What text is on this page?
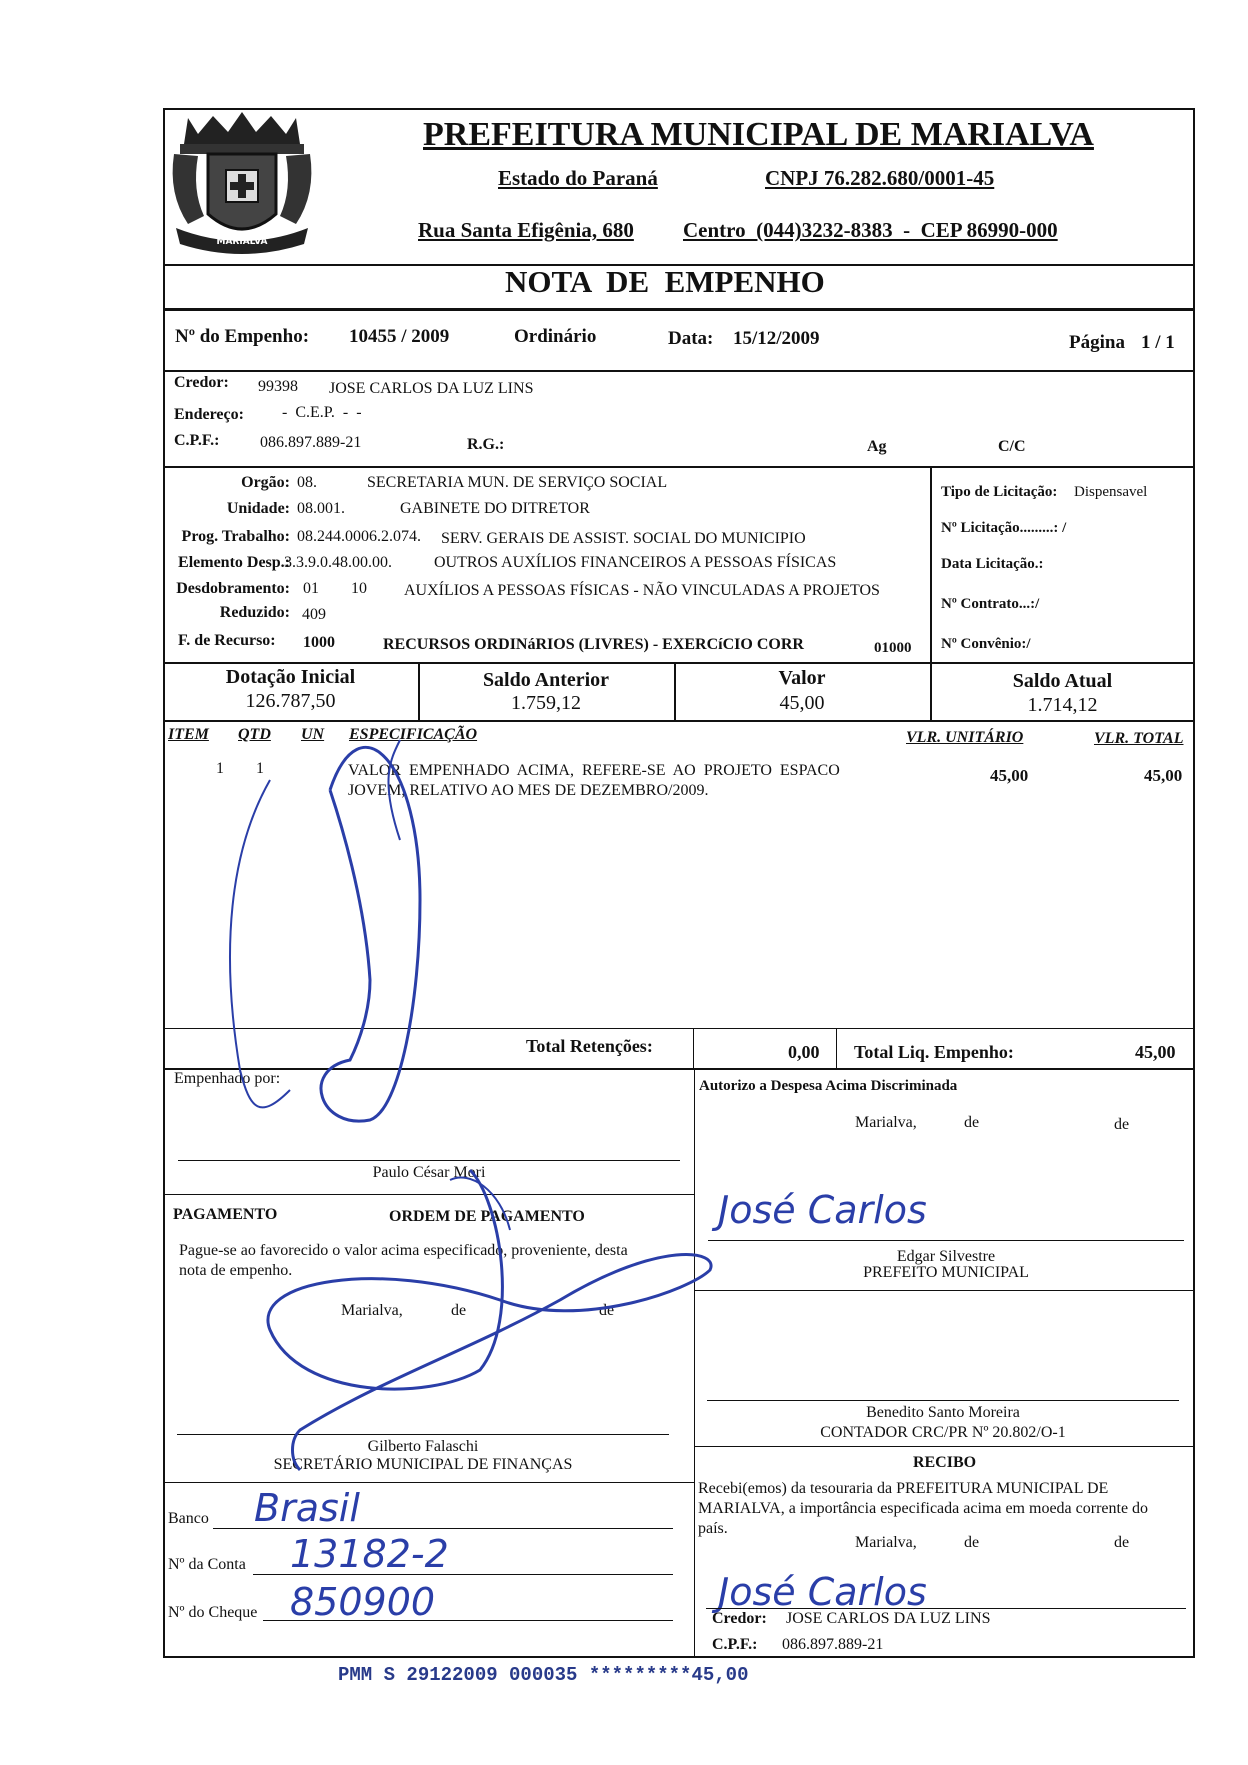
MARIALVA
PREFEITURA MUNICIPAL DE MARIALVA
Estado do Paraná	CNPJ 76.282.680/0001-45
Rua Santa Efigênia, 680 Centro  (044)3232-8383  -  CEP 86990-000
NOTA  DE  EMPENHO
Nº do Empenho: 10455 / 2009	Ordinário	Data: 15/12/2009	Página 1 / 1
Credor: 99398 JOSE CARLOS DA LUZ LINS
Endereço: -  C.E.P.  -  -
C.P.F.:	086.897.889-21	R.G.:	Ag	C/C
Orgão: 08.	SECRETARIA MUN. DE SERVIÇO SOCIAL
Unidade: 08.001.	GABINETE DO DITRETOR
Prog. Trabalho: 08.244.0006.2.074. SERV. GERAIS DE ASSIST. SOCIAL DO MUNICIPIO
Elemento Desp.:
3.3.9.0.48.00.00.	OUTROS AUXÍLIOS FINANCEIROS A PESSOAS FÍSICAS
Desdobramento: 01 10 AUXÍLIOS A PESSOAS FÍSICAS - NÃO VINCULADAS A PROJETOS
Reduzido: 409
F. de Recurso: 1000	RECURSOS ORDINáRIOS (LIVRES) - EXERCíCIO CORR	01000
Tipo de Licitação: Dispensavel
Nº Licitação.........: /
Data Licitação.:
Nº Contrato...:/
Nº Convênio:/
Dotação Inicial
126.787,50
Saldo Anterior
1.759,12
Valor
45,00
Saldo Atual
1.714,12
ITEM QTD UN ESPECIFICAÇÃO	VLR. UNITÁRIO	VLR. TOTAL
1 1	VALOR  EMPENHADO  ACIMA,  REFERE-SE  AO  PROJETO  ESPACO
JOVEM, RELATIVO AO MES DE DEZEMBRO/2009.
45,00	45,00
Total Retenções:	0,00 Total Liq. Empenho:	45,00
Empenhado por:
Paulo César Mori
PAGAMENTO	ORDEM DE PAGAMENTO
Pague-se ao favorecido o valor acima especificado, proveniente, desta
nota de empenho.
Marialva,	de	de
Gilberto Falaschi
SECRETÁRIO MUNICIPAL DE FINANÇAS
Banco Brasil
Nº da Conta 13182-2
Nº do Cheque 850900
Autorizo a Despesa Acima Discriminada
Marialva,	de	de
José Carlos
Edgar Silvestre
PREFEITO MUNICIPAL
Benedito Santo Moreira
CONTADOR CRC/PR Nº 20.802/O-1
RECIBO
Recebi(emos) da tesouraria da PREFEITURA MUNICIPAL DE
MARIALVA, a importância especificada acima em moeda corrente do
país.
Marialva,	de	de
José Carlos
Credor: JOSE CARLOS DA LUZ LINS
C.P.F.: 086.897.889-21
PMM S 29122009 000035 *********45,00
